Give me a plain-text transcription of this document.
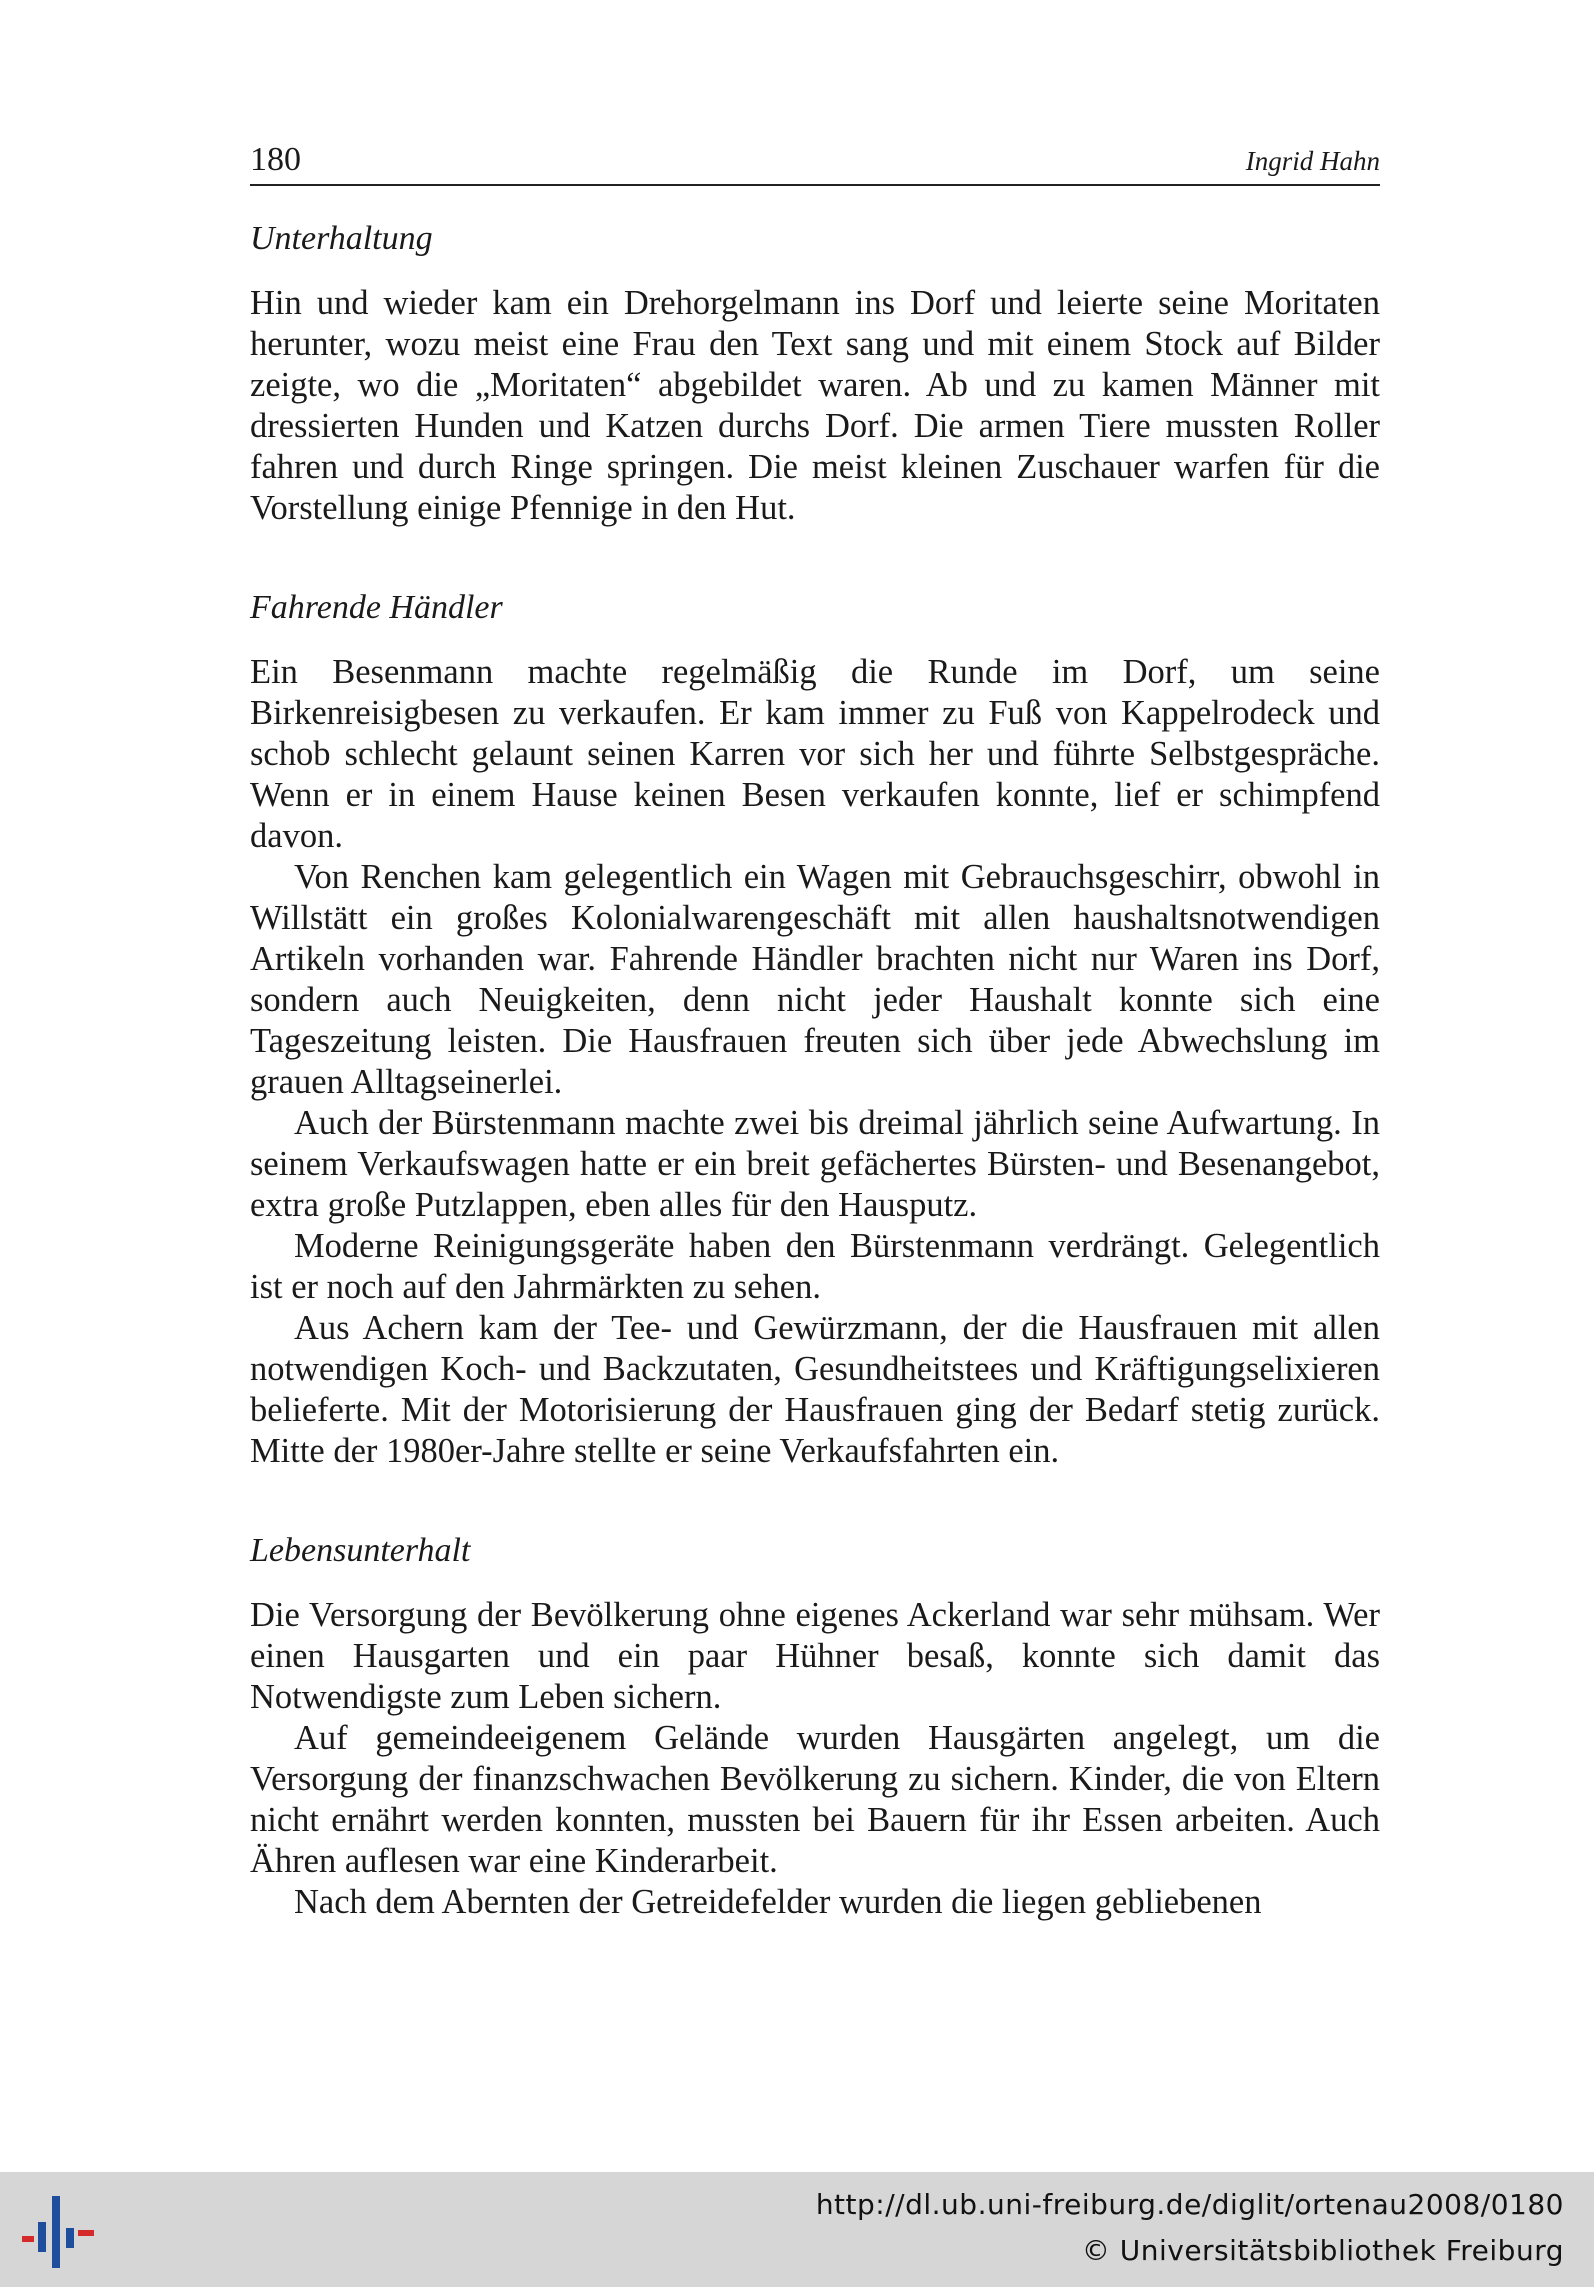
180	Ingrid Hahn
Unterhaltung

Hin und wieder kam ein Drehorgelmann ins Dorf und leierte seine Moritaten herunter, wozu meist eine Frau den Text sang und mit einem Stock auf Bilder zeigte, wo die „Moritaten“ abgebildet waren. Ab und zu kamen Männer mit dressierten Hunden und Katzen durchs Dorf. Die armen Tiere mussten Roller fahren und durch Ringe springen. Die meist kleinen Zuschauer warfen für die Vorstellung einige Pfennige in den Hut.

Fahrende Händler

Ein Besenmann machte regelmäßig die Runde im Dorf, um seine Birkenreisigbesen zu verkaufen. Er kam immer zu Fuß von Kappelrodeck und schob schlecht gelaunt seinen Karren vor sich her und führte Selbstgespräche. Wenn er in einem Hause keinen Besen verkaufen konnte, lief er schimpfend davon.

Von Renchen kam gelegentlich ein Wagen mit Gebrauchsgeschirr, obwohl in Willstätt ein großes Kolonialwarengeschäft mit allen haushaltsnotwendigen Artikeln vorhanden war. Fahrende Händler brachten nicht nur Waren ins Dorf, sondern auch Neuigkeiten, denn nicht jeder Haushalt konnte sich eine Tageszeitung leisten. Die Hausfrauen freuten sich über jede Abwechslung im grauen Alltagseinerlei.

Auch der Bürstenmann machte zwei bis dreimal jährlich seine Aufwartung. In seinem Verkaufswagen hatte er ein breit gefächertes Bürsten- und Besenangebot, extra große Putzlappen, eben alles für den Hausputz.

Moderne Reinigungsgeräte haben den Bürstenmann verdrängt. Gelegentlich ist er noch auf den Jahrmärkten zu sehen.

Aus Achern kam der Tee- und Gewürzmann, der die Hausfrauen mit allen notwendigen Koch- und Backzutaten, Gesundheitstees und Kräftigungselixieren belieferte. Mit der Motorisierung der Hausfrauen ging der Bedarf stetig zurück. Mitte der 1980er-Jahre stellte er seine Verkaufsfahrten ein.

Lebensunterhalt

Die Versorgung der Bevölkerung ohne eigenes Ackerland war sehr mühsam. Wer einen Hausgarten und ein paar Hühner besaß, konnte sich damit das Notwendigste zum Leben sichern.

Auf gemeindeeigenem Gelände wurden Hausgärten angelegt, um die Versorgung der finanzschwachen Bevölkerung zu sichern. Kinder, die von Eltern nicht ernährt werden konnten, mussten bei Bauern für ihr Essen arbeiten. Auch Ähren auflesen war eine Kinderarbeit.

Nach dem Abernten der Getreidefelder wurden die liegen gebliebenen

http://dl.ub.uni-freiburg.de/diglit/ortenau2008/0180
© Universitätsbibliothek Freiburg
